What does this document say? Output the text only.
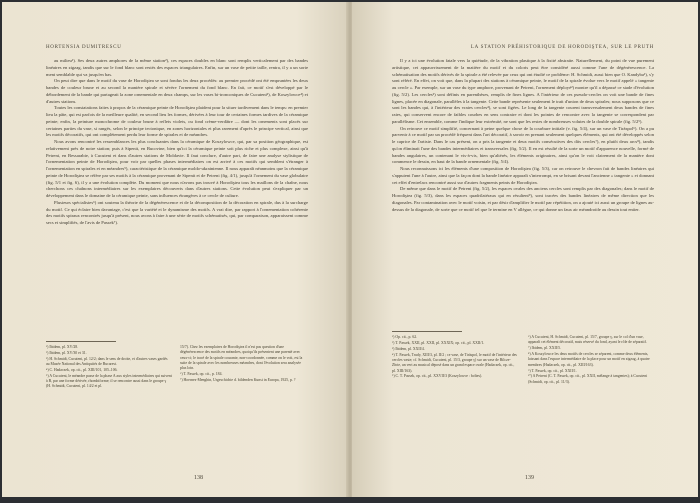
HORTENSIA DUMITRESCU

au milieu¹). Ses deux autres amphores de la même station²), ces espaces doubles en blanc sont remplis verticalement par des bandes linéaires en zigzag, tandis que sur le fond blanc sont restés des espaces triangulaires. Enfin, sur un vase de petite taille, rentra, il y a un sorte ment semblable qui va jusqu'en bas.

On peut dire que dans le motif du vase de Horodiştea se sont fondus les deux procédés: au premier procédé ont été empruntées les deux bandes de couleur brune et au second la manière spirale et sévère l'ornement du fond blanc. En fait, ce motif s'est développé par le débordement de la bande qui partageait la zone ornementale en deux champs, sur les vases bi-tronconiques de Cucuteni³), de Koszylowce⁴) et d'autres stations.

Toutes les constatations faites à propos de la céramique peinte de Horodiştea plaident pour la situer tardivement dans le temps: en premier lieu la pâte, qui est parfois de la meilleure qualité, en second lieu les formes, dérivées à leur tour de certaines formes tardives de la céramique peinte; enfin, la peinture monochrome de couleur brune à reflets violets, ou fond crème-verdâtre — dont les ornements sont placés sur certaines parties du vase, si rangés, selon le principe tectonique, en zones horizontales et plus rarement d'après le principe vertical, ainsi que les motifs décoratifs, qui ont complètement perdu leur forme de spirales et de méandres.

Nous avons rencontré les ressemblances les plus concluantes dans la céramique de Koszylowce, qui, par sa position géographique, est relativement près de notre station; puis à Sipenit, en Bucovine, bien qu'ici la céramique peinte soit plus riche et plus complexe, ainsi qu'à Petreni, en Bessarabie, à Cucuteni et dans d'autres stations de Moldavie. Il faut conclure, d'autre part, de faire une analyse stylistique de l'ornementation peinte de Horodiştea, pour voir par quelles phases intermédiaires on est arrivé à ces motifs qui semblent s'étranger à l'ornementation en spirales et en méandres⁵), caractéristique de la céramique moldo-ukrainienne. Il nous apparaît néanmoins que la céramique peinte de Horodiştea se réfère par ses motifs à la céramique provenant de Sipenit et de Petreni (fig. 4/1), jusqu'à l'ornement du vase globulaire (fig. 5/1 et fig. 6), il y a une évolution complète. Du moment que nous n'avons pas trouvé à Horodiştea tous les maillons de la chaîne, nous cherchons ces chaînons intermédiaires sur les exemplaires découverts dans d'autres stations. Cette évolution peut s'expliquer par un développement dans le domaine de la céramique peinte, sans influences étrangères à ce cercle de culture.

Plusieurs spécialistes⁶) ont soutenu la théorie de la dégénérescence et de la décomposition de la décoration en spirale, dus à la surcharge du motif. Ce qui éclaire bien davantage, c'est que la variété et le dynamisme des motifs. A vrai dire, par rapport à l'ornementation cohérente des motifs spiraux rencontrés jusqu'à présent, nous avons à faire à une série de motifs schématisés, qui, par comparaison, apparaissent comme secs et simplifiés, de l'avis de Passek⁷).

¹) Ibidem, pl. XV/28.
²) Ibidem, pl. XV/30 et 31.
³) H. Schmidt, Cucuteni, pl. 12/2; dans le sens de droite, et d'autres vases gardés au Musée National des Antiquités de Bucarest.
⁴) C. Hadaczek, op. cit., pl. XIII/101, 105–106.
⁵) A Cucuteni, le méandre passe de la phase A aux styles intermédiaires qui suivent à B, par une forme dérivée, rhombiforme; il se rencontre aussi dans le groupe γ (H. Schmidt, Cucuteni, pl. 14/2 et pl.
15/7). Chez les exemplaires de Horodiştea il n'est pas question d'une dégénérescence des motifs en méandres, quoiqu'ils présentent une parenté avec ceux-ci; le tracé de la spirale courante, non-coordonnée, comme on le voit, est la suite de la spirale avec les nombreuses méandres, dont l'évolution sera analysée plus loin.
⁶) T. Passek, op. cit., p. 184.
⁷) Hoernes-Menghin, Urgeschichte d. bildenden Kunst in Europa, 1925, p. ?
138
LA STATION PRÉHISTORIQUE DE HORODIŞTEA, SUR LE PRUTH

Il y a ici une évolution fatale vers la quiétude, de la vibration plastique à la fixité abstraite. Naturellement, du point de vue purement artistique, cet appauvrissement de la matière du motif et du coloris peut être considéré aussi comme l'une de dégénérescence. La schématisation des motifs dérivés de la spirale a été relevée par ceux qui ont étudié ce problème: H. Schmidt, aussi bien que O. Kandyba¹), s'y sont référé. En effet, on voit que, dans la plupart des stations à céramique peinte, le motif de la spirale évolue vers le motif appelé « tangente au cercle ». Par exemple, sur un vase du type amphore, provenant de Petreni, l'ornement déployé²) montre qu'il a dépassé ce stade d'évolution (fig. 5/2). Les cercles³) sont définis en parenthèses, remplis de fines lignes. A l'intérieur de ces pseudo-cercles on voit une bande de fines lignes, placée en diagonale, parallèles à la tangente. Cette bande représente seulement le trait d'union de deux spirales; nous supposons que ce sont les bandes qui, à l'intérieur des vraies cercles⁴), se sont figées. Le long de la tangente courent transversalement deux bandes de fines raies, qui conservent encore de faibles courbes en sens contraire et dont les pointes de rencontre avec la tangente se correspondent par parallélisme. Cet ensemble, comme l'indique leur extrémité, ne sont que les restes de nombreuses volutes de la double spirale (fig. 5/2⁵).

On retrouve ce motif simplifié, concernant à peine quelque chose de la courbure initiale (v. fig. 5/4), sur un vase de Tirăspol⁶). On a pu parvenir à ce motif par un procédé fréquent dans l'art décoratif, à savoir en prenant seulement quelques éléments, qui ont été développés selon le caprice de l'artiste. Dans le cas présent, on a pris la tangente et deux motifs consécutives des dits cercles⁷), en plutôt deux arcs⁸), tandis qu'on éliminait l'une des bandes intermédiaires et transversales (fig. 5/2). Il en est résulté de la sorte un motif d'apparence nouvelle, formé de bandes angulaires, un contenant le vis-à-vis, bien qu'altérés, les éléments originaires, ainsi qu'on le voit clairement de la manière dont commence le dessin, en haut de la bande ornementale (fig. 5/4).

Nous reconnaissons ici les éléments d'une composition de Horodiştea (fig. 5/3), car on retrouve le chevron fait de bandes linéaires qui s'appuient l'une à l'autre, ainsi que la façon dont la bande linéaire apparaît s'interrompt, en se brisant devant l'ancienne « tangente » et donnant cet effet d'entrelacs rencontré aussi sur d'autres fragments peints de Horodiştea.

De même que dans le motif de Petreni (fig. 5/2), les espaces ovales des anciens cercles sont remplis par des diagonales; dans le motif de Horodiştea (fig. 5/3), dans les espaces quadrilatéraux qui en résultent⁹), sont tracées des bandes linéaires de même direction que les diagonales. Par contamination avec le motif voisin, et par désir d'amplifier le motif par répétition, on a ajouté ici aussi un groupe de lignes au-dessus de la diagonale, de sorte que ce motif tel que le termine en V allègue, ce qui donne un faux air méandroïde au dessin tout entier.

¹) Op. cit., p. 62.
²) T. Passek, XXII, pl. XXII, pl. XXXIX; op. cit., pl. XXII/1.
³) Ibidem, pl. XXII/4.
⁴) T. Passek, Trudy, XIII/3, pl. II/2 ; ce vase, de Tirăspol, le motif de l'intérieur des cercles vaste; cf. Schmidt, Cucuteni, pl. 15/3, groupe γ) sur un vase de Bilcze-Złote, un vert au musical déposé dans un grand espace ovale (Hadaczek, op. cit., pl. XIII/163).
⁵) C. T. Passek, op. cit., pl. XXVII/3 (Koszylowce : boîtes).
⁶) A Cucuteni, H. Schmidt, Cucuteni, pl. 15/7, groupe γ, sur le col d'un vase, apparaît cet élément décoratif, mais réservé du fond, ayant le rôle de séparatif.
⁷) Ibidem, pl. XXII/5.
⁸) A Koszylowce les deux motifs de cercles se séparent, comme deux éléments, laissant dans l'espace intermédiaire de la place pour un motif en zigzag, à quatre membres (Hadaczek, op. cit., pl. XIII/163).
⁹) T. Passek, op. cit., pl. XXII/1.
¹⁰) A Petreni (C. T. Passek, op. cit., pl. XXII, mélange à tangentes); à Cucuteni (Schmidt, op. cit., pl. 11/3).
139
